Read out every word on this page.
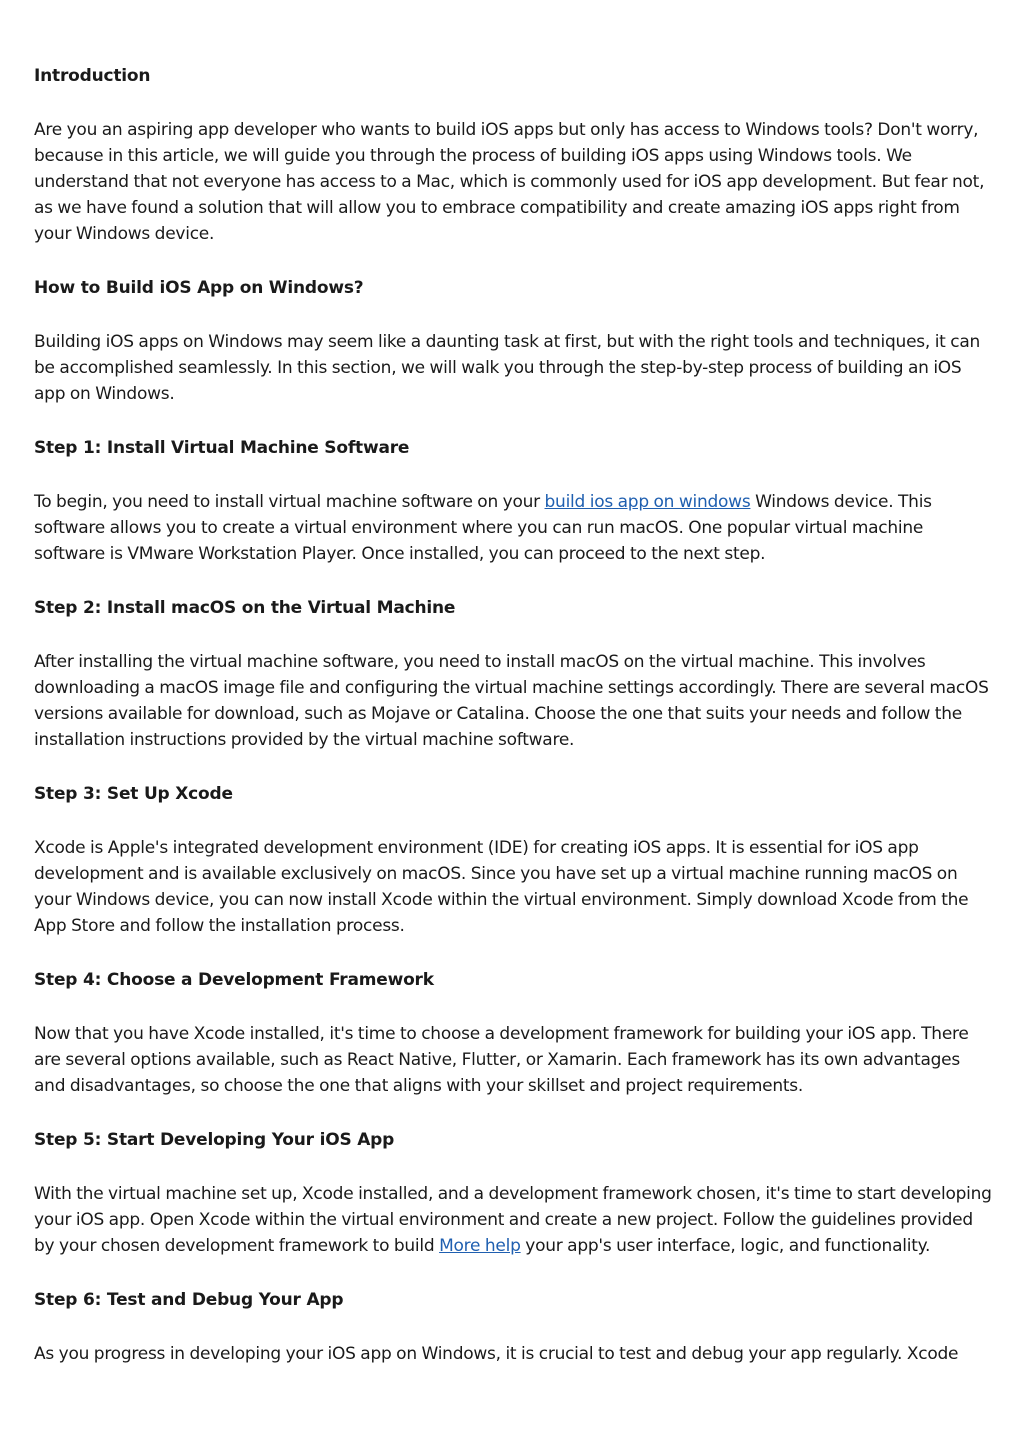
Introduction
Are you an aspiring app developer who wants to build iOS apps but only has access to Windows tools? Don't worry, because in this article, we will guide you through the process of building iOS apps using Windows tools. We understand that not everyone has access to a Mac, which is commonly used for iOS app development. But fear not, as we have found a solution that will allow you to embrace compatibility and create amazing iOS apps right from your Windows device.
How to Build iOS App on Windows?
Building iOS apps on Windows may seem like a daunting task at first, but with the right tools and techniques, it can be accomplished seamlessly. In this section, we will walk you through the step-by-step process of building an iOS app on Windows.
Step 1: Install Virtual Machine Software
To begin, you need to install virtual machine software on your build ios app on windows Windows device. This software allows you to create a virtual environment where you can run macOS. One popular virtual machine software is VMware Workstation Player. Once installed, you can proceed to the next step.
Step 2: Install macOS on the Virtual Machine
After installing the virtual machine software, you need to install macOS on the virtual machine. This involves downloading a macOS image file and configuring the virtual machine settings accordingly. There are several macOS versions available for download, such as Mojave or Catalina. Choose the one that suits your needs and follow the installation instructions provided by the virtual machine software.
Step 3: Set Up Xcode
Xcode is Apple's integrated development environment (IDE) for creating iOS apps. It is essential for iOS app development and is available exclusively on macOS. Since you have set up a virtual machine running macOS on your Windows device, you can now install Xcode within the virtual environment. Simply download Xcode from the App Store and follow the installation process.
Step 4: Choose a Development Framework
Now that you have Xcode installed, it's time to choose a development framework for building your iOS app. There are several options available, such as React Native, Flutter, or Xamarin. Each framework has its own advantages and disadvantages, so choose the one that aligns with your skillset and project requirements.
Step 5: Start Developing Your iOS App
With the virtual machine set up, Xcode installed, and a development framework chosen, it's time to start developing your iOS app. Open Xcode within the virtual environment and create a new project. Follow the guidelines provided by your chosen development framework to build More help your app's user interface, logic, and functionality.
Step 6: Test and Debug Your App
As you progress in developing your iOS app on Windows, it is crucial to test and debug your app regularly. Xcode
